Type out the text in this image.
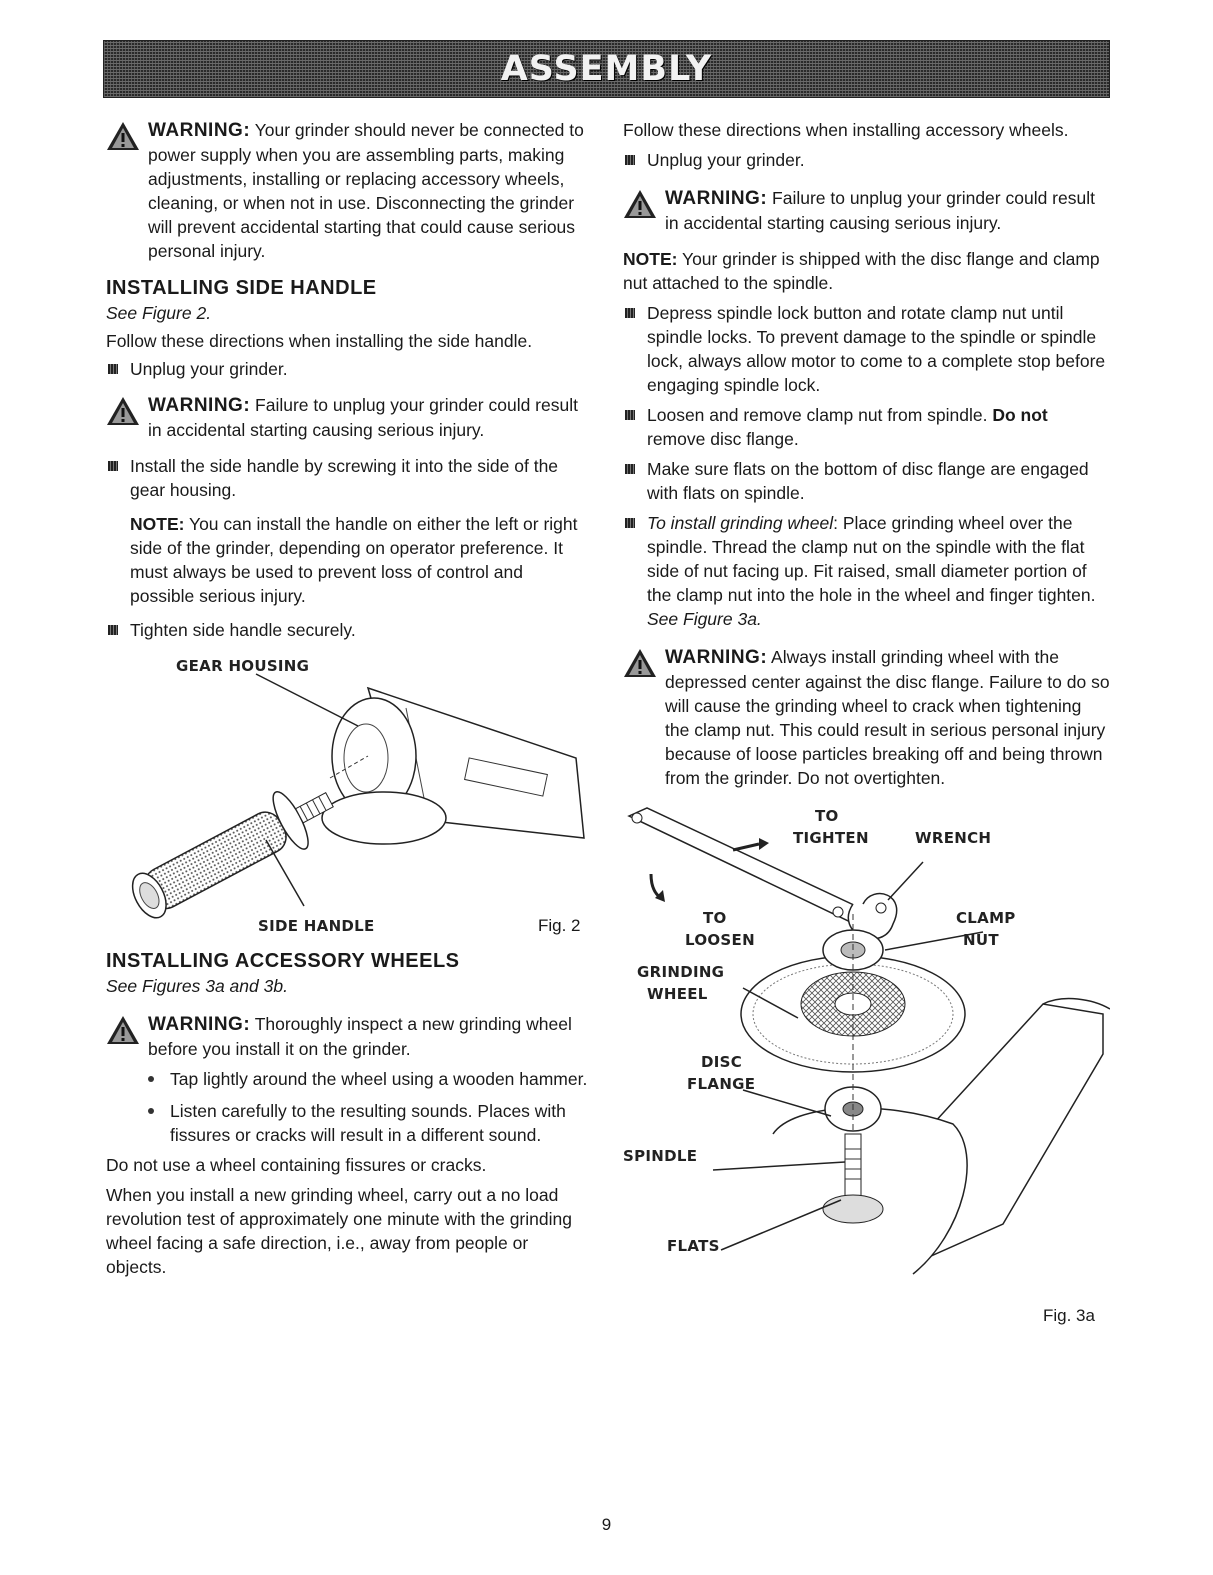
ASSEMBLY

WARNING: Your grinder should never be connected to power supply when you are assembling parts, making adjustments, installing or replacing accessory wheels, cleaning, or when not in use. Disconnecting the grinder will prevent accidental starting that could cause serious personal injury.

INSTALLING SIDE HANDLE

See Figure 2.

Follow these directions when installing the side handle.

Unplug your grinder.

WARNING: Failure to unplug your grinder could result in accidental starting causing serious injury.

Install the side handle by screwing it into the side of the gear housing.

NOTE: You can install the handle on either the left or right side of the grinder, depending on operator preference. It must always be used to prevent loss of control and possible serious injury.

Tighten side handle securely.

GEAR HOUSING
SIDE HANDLE	Fig. 2
INSTALLING ACCESSORY WHEELS

See Figures 3a and 3b.

WARNING: Thoroughly inspect a new grinding wheel before you install it on the grinder.

Tap lightly around the wheel using a wooden hammer.

Listen carefully to the resulting sounds. Places with fissures or cracks will result in a different sound.

Do not use a wheel containing fissures or cracks.

When you install a new grinding wheel, carry out a no load revolution test of approximately one minute with the grinding wheel facing a safe direction, i.e., away from people or objects.

Follow these directions when installing accessory wheels.

Unplug your grinder.

WARNING: Failure to unplug your grinder could result in accidental starting causing serious injury.

NOTE: Your grinder is shipped with the disc flange and clamp nut attached to the spindle.

Depress spindle lock button and rotate clamp nut until spindle locks. To prevent damage to the spindle or spindle lock, always allow motor to come to a complete stop before engaging spindle lock.

Loosen and remove clamp nut from spindle. Do not remove disc flange.

Make sure flats on the bottom of disc flange are engaged with flats on spindle.

To install grinding wheel: Place grinding wheel over the spindle. Thread the clamp nut on the spindle with the flat side of nut facing up. Fit raised, small diameter portion of the clamp nut into the hole in the wheel and finger tighten. See Figure 3a.

WARNING: Always install grinding wheel with the depressed center against the disc flange. Failure to do so will cause the grinding wheel to crack when tightening the clamp nut. This could result in serious personal injury because of loose particles breaking off and being thrown from the grinder. Do not overtighten.

TO
TIGHTEN	WRENCH
TO
LOOSEN
CLAMP
NUT
GRINDING
WHEEL
DISC
FLANGE
SPINDLE
FLATS
Fig. 3a
9
